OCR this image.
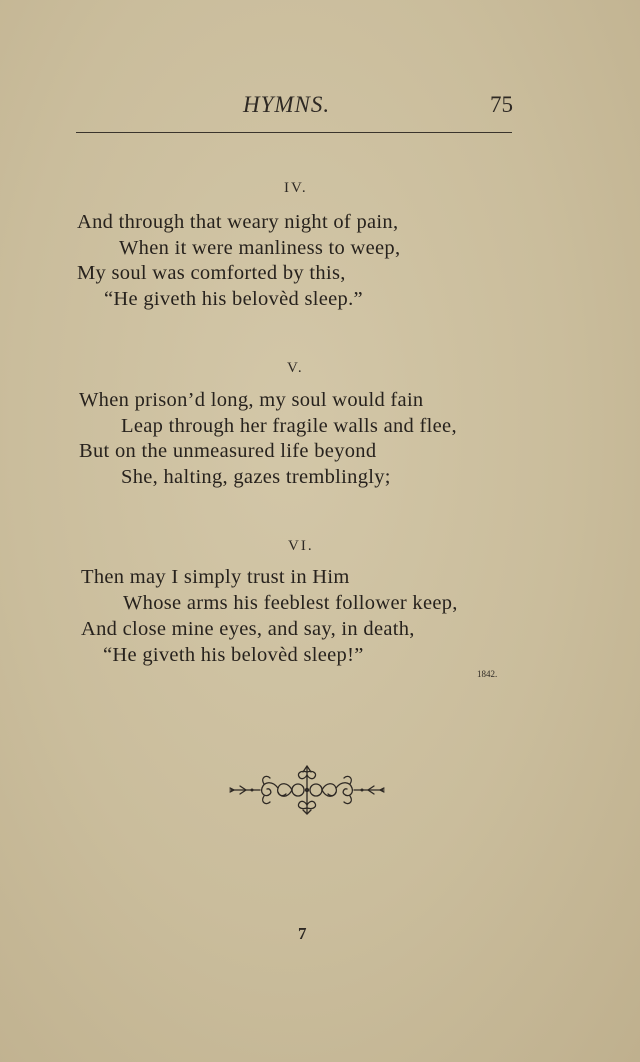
HYMNS.	75
IV.
And through that weary night of pain,
When it were manliness to weep,
My soul was comforted by this,
“He giveth his belovèd sleep.”
V.
When prison’d long, my soul would fain
Leap through her fragile walls and flee,
But on the unmeasured life beyond
She, halting, gazes tremblingly;
VI.
Then may I simply trust in Him
Whose arms his feeblest follower keep,
And close mine eyes, and say, in death,
“He giveth his belovèd sleep!”
1842.
7
